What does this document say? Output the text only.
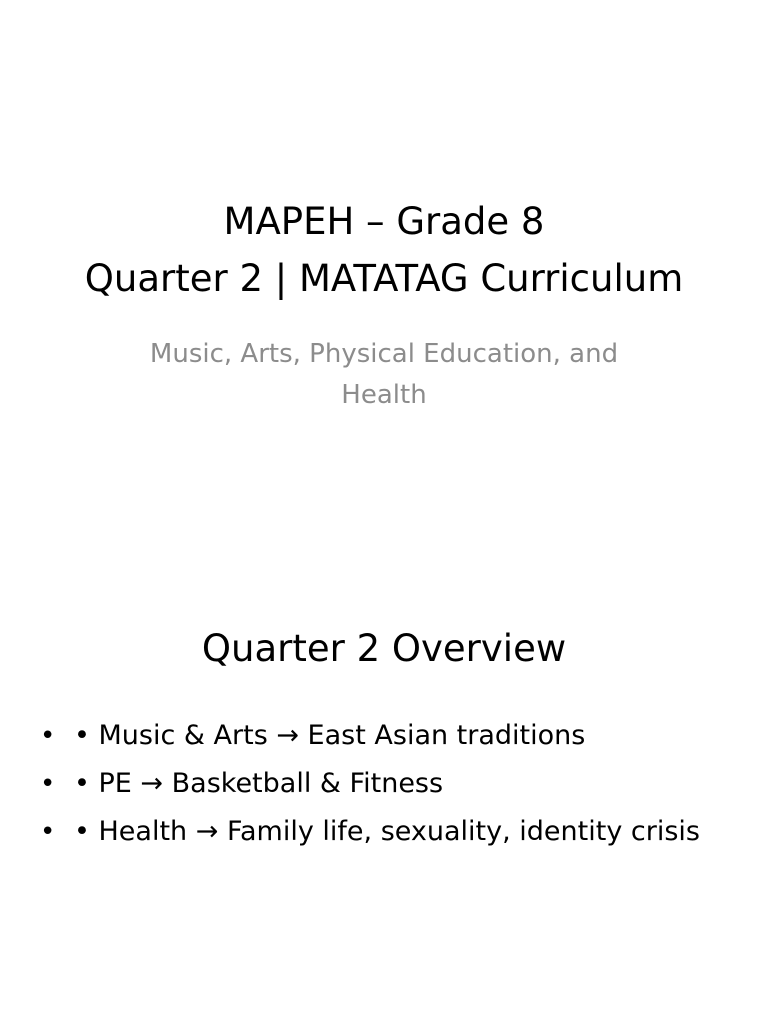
MAPEH – Grade 8
Quarter 2 | MATATAG Curriculum
Music, Arts, Physical Education, and
Health
Quarter 2 Overview
• • Music & Arts → East Asian traditions
• • PE → Basketball & Fitness
• • Health → Family life, sexuality, identity crisis
